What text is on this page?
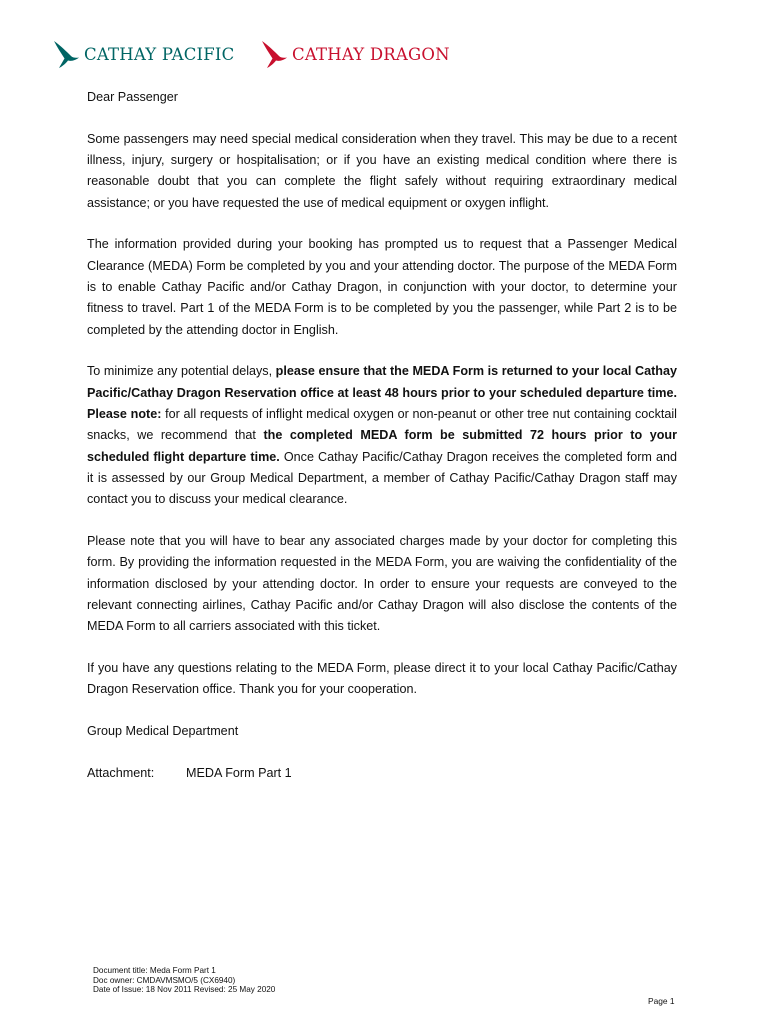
CATHAY PACIFIC	CATHAY DRAGON

Dear Passenger

Some passengers may need special medical consideration when they travel. This may be due to a recent illness, injury, surgery or hospitalisation; or if you have an existing medical condition where there is reasonable doubt that you can complete the flight safely without requiring extraordinary medical assistance; or you have requested the use of medical equipment or oxygen inflight.

The information provided during your booking has prompted us to request that a Passenger Medical Clearance (MEDA) Form be completed by you and your attending doctor. The purpose of the MEDA Form is to enable Cathay Pacific and/or Cathay Dragon, in conjunction with your doctor, to determine your fitness to travel. Part 1 of the MEDA Form is to be completed by you the passenger, while Part 2 is to be completed by the attending doctor in English.

To minimize any potential delays, please ensure that the MEDA Form is returned to your local Cathay Pacific/Cathay Dragon Reservation office at least 48 hours prior to your scheduled departure time. Please note: for all requests of inflight medical oxygen or non-peanut or other tree nut containing cocktail snacks, we recommend that the completed MEDA form be submitted 72 hours prior to your scheduled flight departure time. Once Cathay Pacific/Cathay Dragon receives the completed form and it is assessed by our Group Medical Department, a member of Cathay Pacific/Cathay Dragon staff may contact you to discuss your medical clearance.

Please note that you will have to bear any associated charges made by your doctor for completing this form. By providing the information requested in the MEDA Form, you are waiving the confidentiality of the information disclosed by your attending doctor. In order to ensure your requests are conveyed to the relevant connecting airlines, Cathay Pacific and/or Cathay Dragon will also disclose the contents of the MEDA Form to all carriers associated with this ticket.

If you have any questions relating to the MEDA Form, please direct it to your local Cathay Pacific/Cathay Dragon Reservation office. Thank you for your cooperation.

Group Medical Department

Attachment:	MEDA Form Part 1
Document title: Meda Form Part 1
Doc owner: CMDAVMSMO/5 (CX6940)
Date of Issue: 18 Nov 2011 Revised: 25 May 2020
Page 1
